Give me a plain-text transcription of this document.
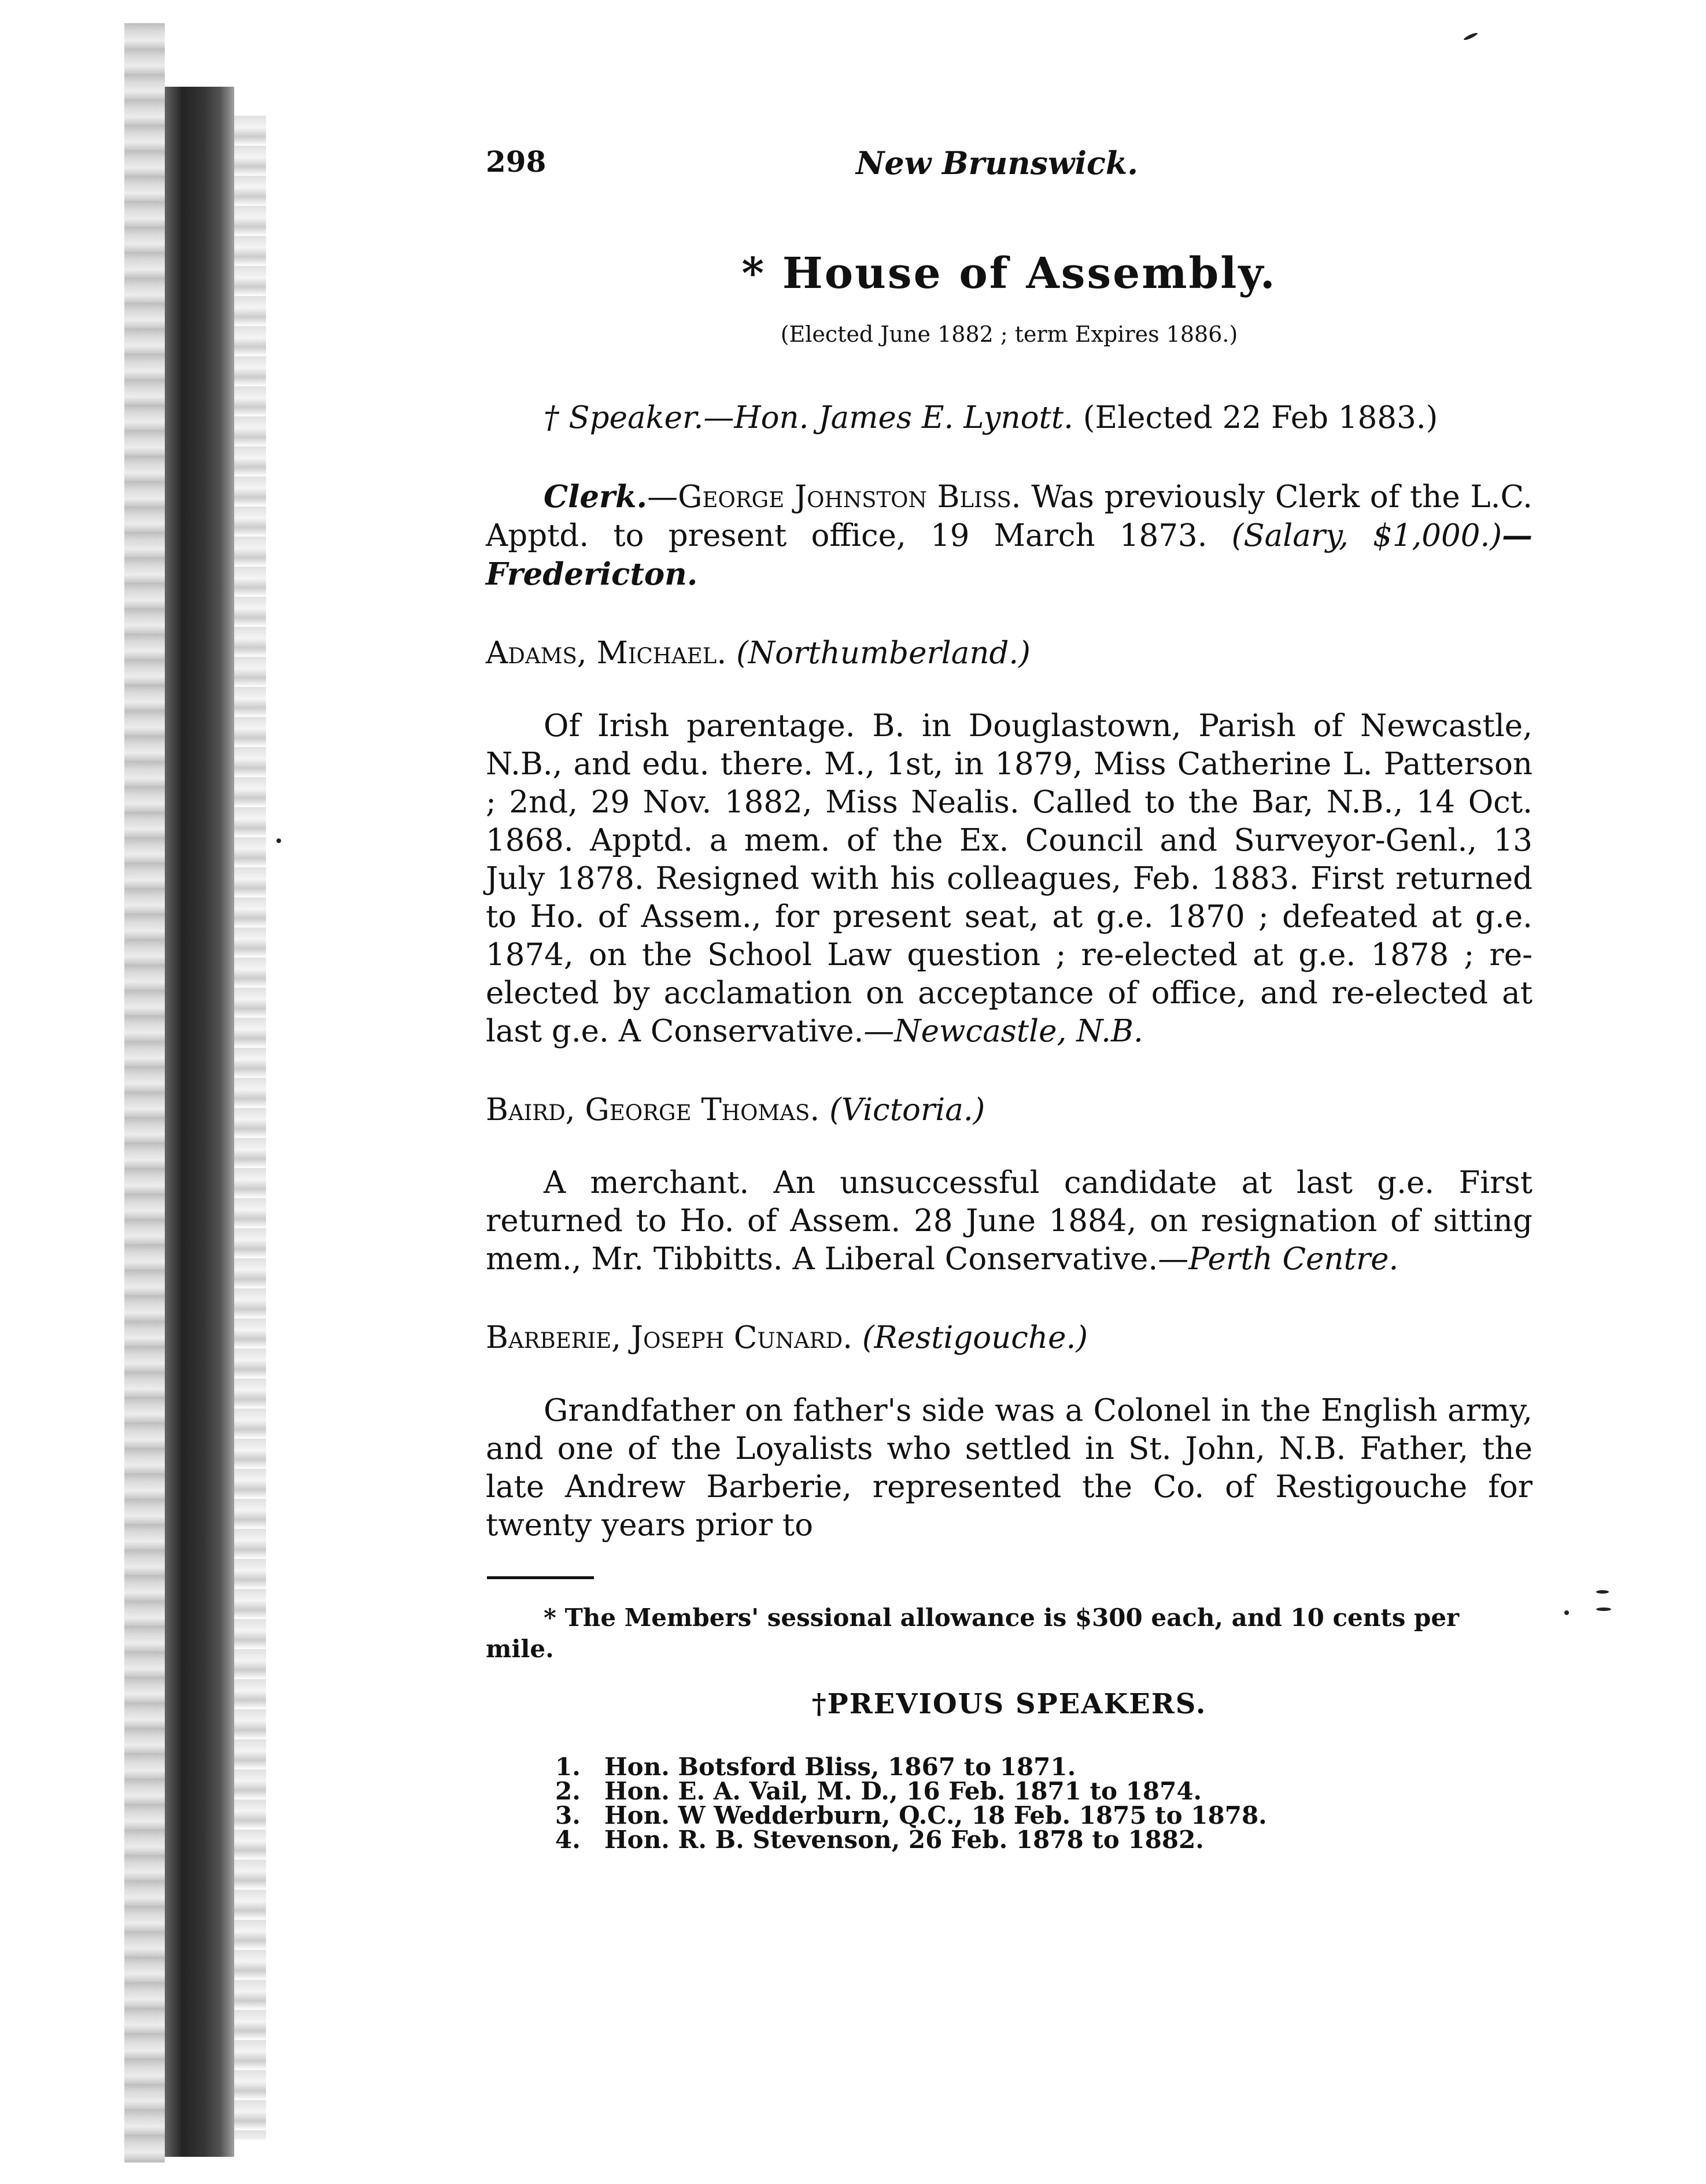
298	New Brunswick.
* House of Assembly.
(Elected June 1882 ; term Expires 1886.)

† Speaker.—Hon. James E. Lynott. (Elected 22 Feb 1883.)

Clerk.—George Johnston Bliss. Was previously Clerk of the L.C. Apptd. to present office, 19 March 1873. (Salary, $1,000.)—Fredericton.

Adams, Michael. (Northumberland.)

Of Irish parentage. B. in Douglastown, Parish of Newcastle, N.B., and edu. there. M., 1st, in 1879, Miss Catherine L. Patterson ; 2nd, 29 Nov. 1882, Miss Nealis. Called to the Bar, N.B., 14 Oct. 1868. Apptd. a mem. of the Ex. Council and Surveyor-Genl., 13 July 1878. Resigned with his colleagues, Feb. 1883. First returned to Ho. of Assem., for present seat, at g.e. 1870 ; defeated at g.e. 1874, on the School Law question ; re-elected at g.e. 1878 ; re-elected by acclamation on acceptance of office, and re-elected at last g.e. A Conservative.—Newcastle, N.B.

Baird, George Thomas. (Victoria.)

A merchant. An unsuccessful candidate at last g.e. First returned to Ho. of Assem. 28 June 1884, on resignation of sitting mem., Mr. Tibbitts. A Liberal Conservative.—Perth Centre.

Barberie, Joseph Cunard. (Restigouche.)

Grandfather on father's side was a Colonel in the English army, and one of the Loyalists who settled in St. John, N.B. Father, the late Andrew Barberie, represented the Co. of Restigouche for twenty years prior to

* The Members' sessional allowance is $300 each, and 10 cents per mile.

†PREVIOUS SPEAKERS.
1. Hon. Botsford Bliss, 1867 to 1871.
2. Hon. E. A. Vail, M. D., 16 Feb. 1871 to 1874.
3. Hon. W Wedderburn, Q.C., 18 Feb. 1875 to 1878.
4. Hon. R. B. Stevenson, 26 Feb. 1878 to 1882.
